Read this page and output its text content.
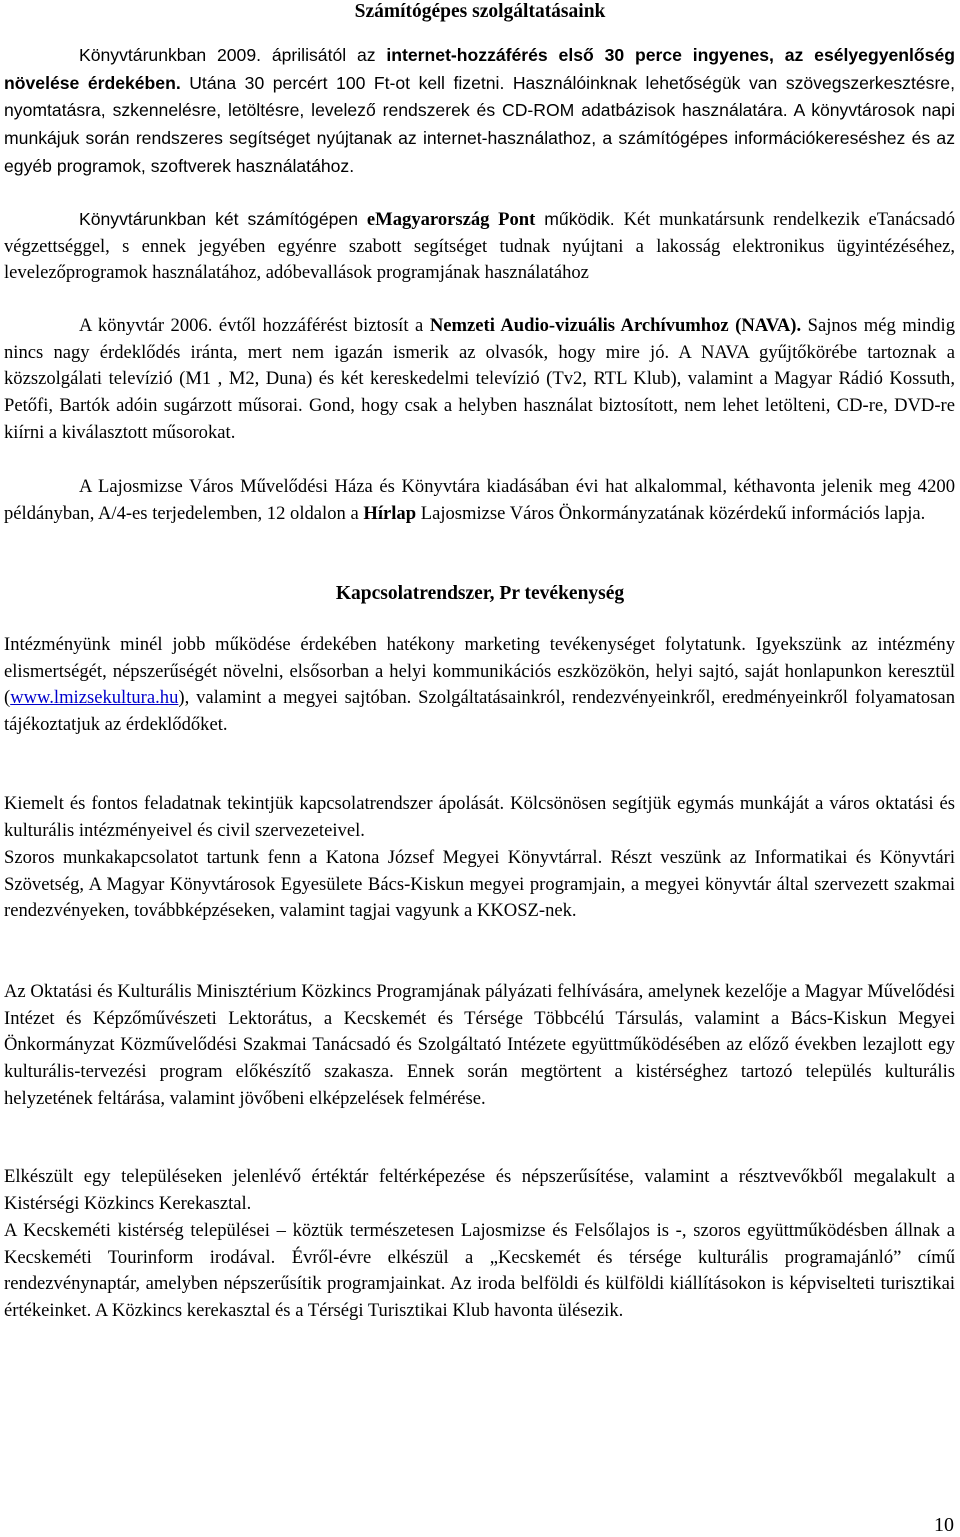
Számítógépes szolgáltatásaink

Könyvtárunkban 2009. áprilisától az internet-hozzáférés első 30 perce ingyenes, az esélyegyenlőség növelése érdekében. Utána 30 percért 100 Ft-ot kell fizetni. Használóinknak lehetőségük van szövegszerkesztésre, nyomtatásra, szkennelésre, letöltésre, levelező rendszerek és CD-ROM adatbázisok használatára. A könyvtárosok napi munkájuk során rendszeres segítséget nyújtanak az internet-használathoz, a számítógépes információkereséshez és az egyéb programok, szoftverek használatához.

Könyvtárunkban két számítógépen eMagyarország Pont működik. Két munkatársunk rendelkezik eTanácsadó végzettséggel, s ennek jegyében egyénre szabott segítséget tudnak nyújtani a lakosság elektronikus ügyintézéséhez, levelezőprogramok használatához, adóbevallások programjának használatához

A könyvtár 2006. évtől hozzáférést biztosít a Nemzeti Audio-vizuális Archívumhoz (NAVA). Sajnos még mindig nincs nagy érdeklődés iránta, mert nem igazán ismerik az olvasók, hogy mire jó. A NAVA gyűjtőkörébe tartoznak a közszolgálati televízió (M1 , M2, Duna) és két kereskedelmi televízió (Tv2, RTL Klub), valamint a Magyar Rádió Kossuth, Petőfi, Bartók adóin sugárzott műsorai. Gond, hogy csak a helyben használat biztosított, nem lehet letölteni, CD-re, DVD-re kiírni a kiválasztott műsorokat.

A Lajosmizse Város Művelődési Háza és Könyvtára kiadásában évi hat alkalommal, kéthavonta jelenik meg 4200 példányban, A/4-es terjedelemben, 12 oldalon a Hírlap Lajosmizse Város Önkormányzatának közérdekű információs lapja.

Kapcsolatrendszer, Pr tevékenység

Intézményünk minél jobb működése érdekében hatékony marketing tevékenységet folytatunk. Igyekszünk az intézmény elismertségét, népszerűségét növelni, elsősorban a helyi kommunikációs eszközökön, helyi sajtó, saját honlapunkon keresztül (www.lmizsekultura.hu), valamint a megyei sajtóban. Szolgáltatásainkról, rendezvényeinkről, eredményeinkről folyamatosan tájékoztatjuk az érdeklődőket.

Kiemelt és fontos feladatnak tekintjük kapcsolatrendszer ápolását. Kölcsönösen segítjük egymás munkáját a város oktatási és kulturális intézményeivel és civil szervezeteivel.

Szoros munkakapcsolatot tartunk fenn a Katona József Megyei Könyvtárral. Részt veszünk az Informatikai és Könyvtári Szövetség, A Magyar Könyvtárosok Egyesülete Bács-Kiskun megyei programjain, a megyei könyvtár által szervezett szakmai rendezvényeken, továbbképzéseken, valamint tagjai vagyunk a KKOSZ-nek.

Az Oktatási és Kulturális Minisztérium Közkincs Programjának pályázati felhívására, amelynek kezelője a Magyar Művelődési Intézet és Képzőművészeti Lektorátus, a Kecskemét és Térsége Többcélú Társulás, valamint a Bács-Kiskun Megyei Önkormányzat Közművelődési Szakmai Tanácsadó és Szolgáltató Intézete együttműködésében az előző években lezajlott egy kulturális-tervezési program előkészítő szakasza. Ennek során megtörtent a kistérséghez tartozó település kulturális helyzetének feltárása, valamint jövőbeni elképzelések felmérése.

Elkészült egy településeken jelenlévő értéktár feltérképezése és népszerűsítése, valamint a résztvevőkből megalakult a Kistérségi Közkincs Kerekasztal.

A Kecskeméti kistérség települései – köztük természetesen Lajosmizse és Felsőlajos is -, szoros együttműködésben állnak a Kecskeméti Tourinform irodával. Évről-évre elkészül a „Kecskemét és térsége kulturális programajánló” című rendezvénynaptár, amelyben népszerűsítik programjainkat. Az iroda belföldi és külföldi kiállításokon is képviselteti turisztikai értékeinket. A Közkincs kerekasztal és a Térségi Turisztikai Klub havonta ülésezik.

10
